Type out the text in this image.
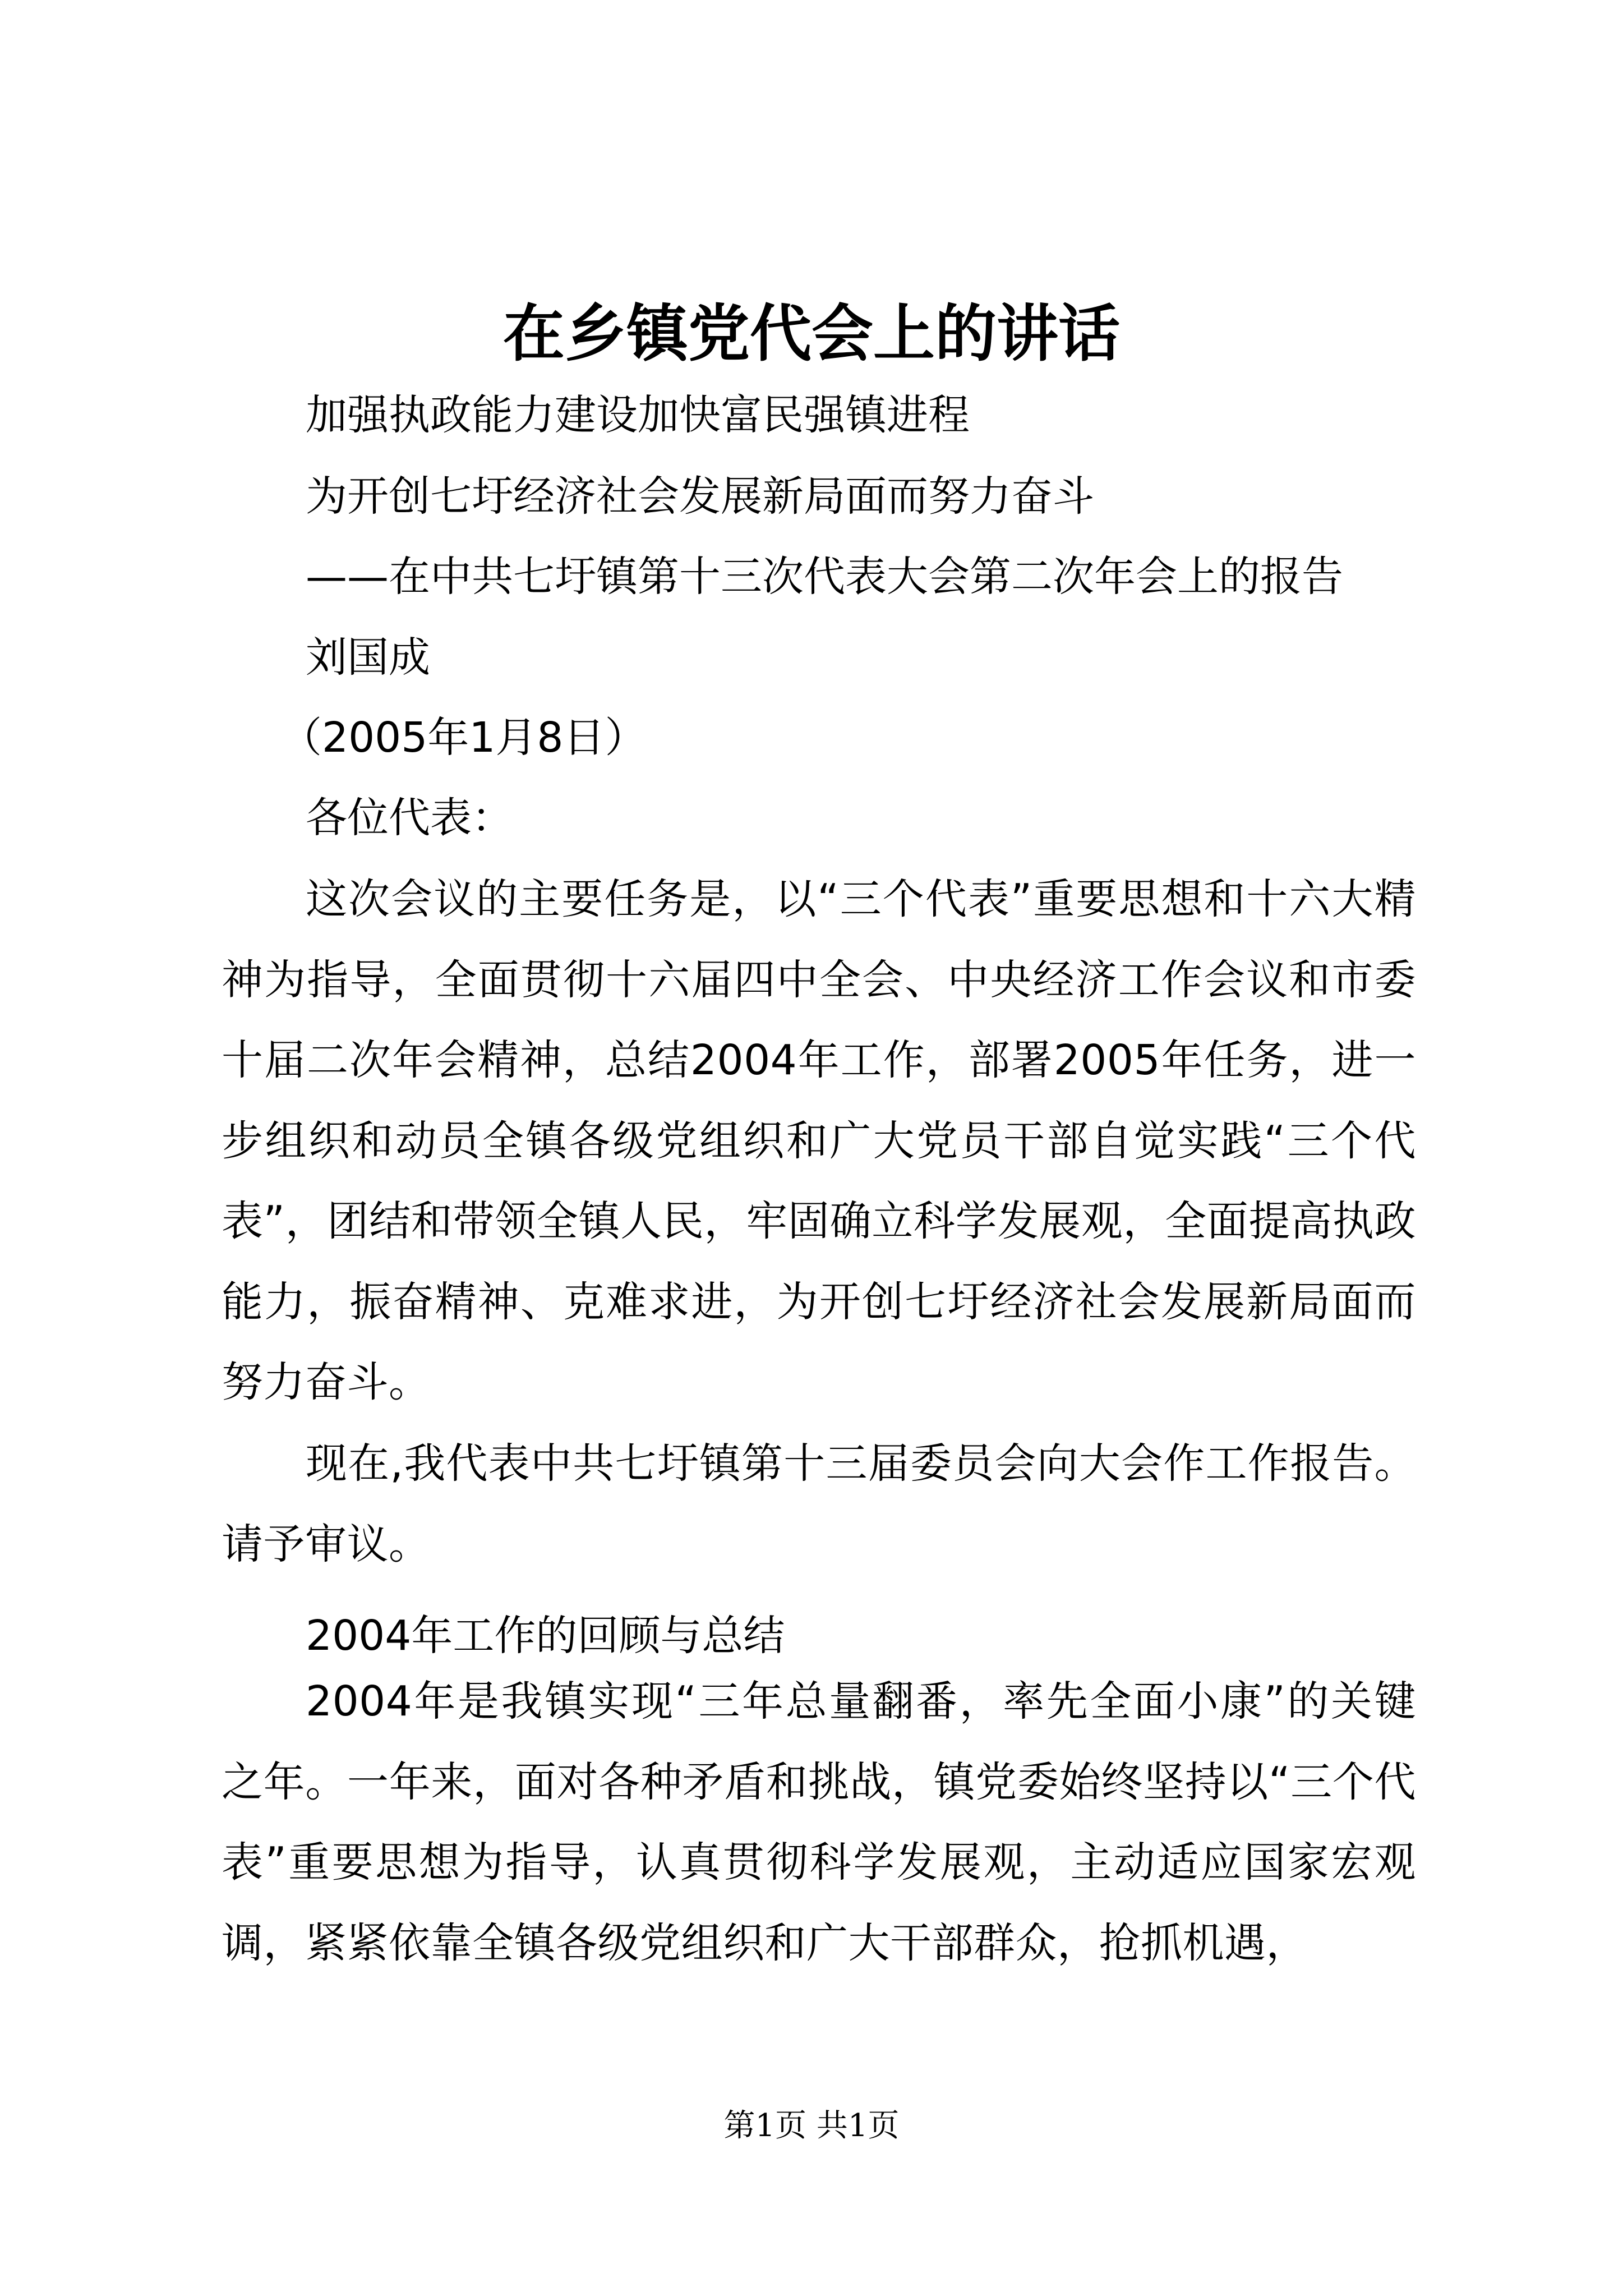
在乡镇党代会上的讲话
加强执政能力建设加快富民强镇进程
为开创七圩经济社会发展新局面而努力奋斗
——在中共七圩镇第十三次代表大会第二次年会上的报告
刘国成
（2005年1月8日）
各位代表：
这次会议的主要任务是，以“三个代表”重要思想和十六大精神为指导，全面贯彻十六届四中全会、中央经济工作会议和市委十届二次年会精神，总结2004年工作，部署2005年任务，进一步组织和动员全镇各级党组织和广大党员干部自觉实践“三个代表”，团结和带领全镇人民，牢固确立科学发展观，全面提高执政能力，振奋精神、克难求进，为开创七圩经济社会发展新局面而努力奋斗。
现在,我代表中共七圩镇第十三届委员会向大会作工作报告。请予审议。
2004年工作的回顾与总结
2004年是我镇实现“三年总量翻番，率先全面小康”的关键之年。一年来，面对各种矛盾和挑战，镇党委始终坚持以“三个代表”重要思想为指导，认真贯彻科学发展观，主动适应国家宏观调，紧紧依靠全镇各级党组织和广大干部群众，抢抓机遇，
第1页 共1页
